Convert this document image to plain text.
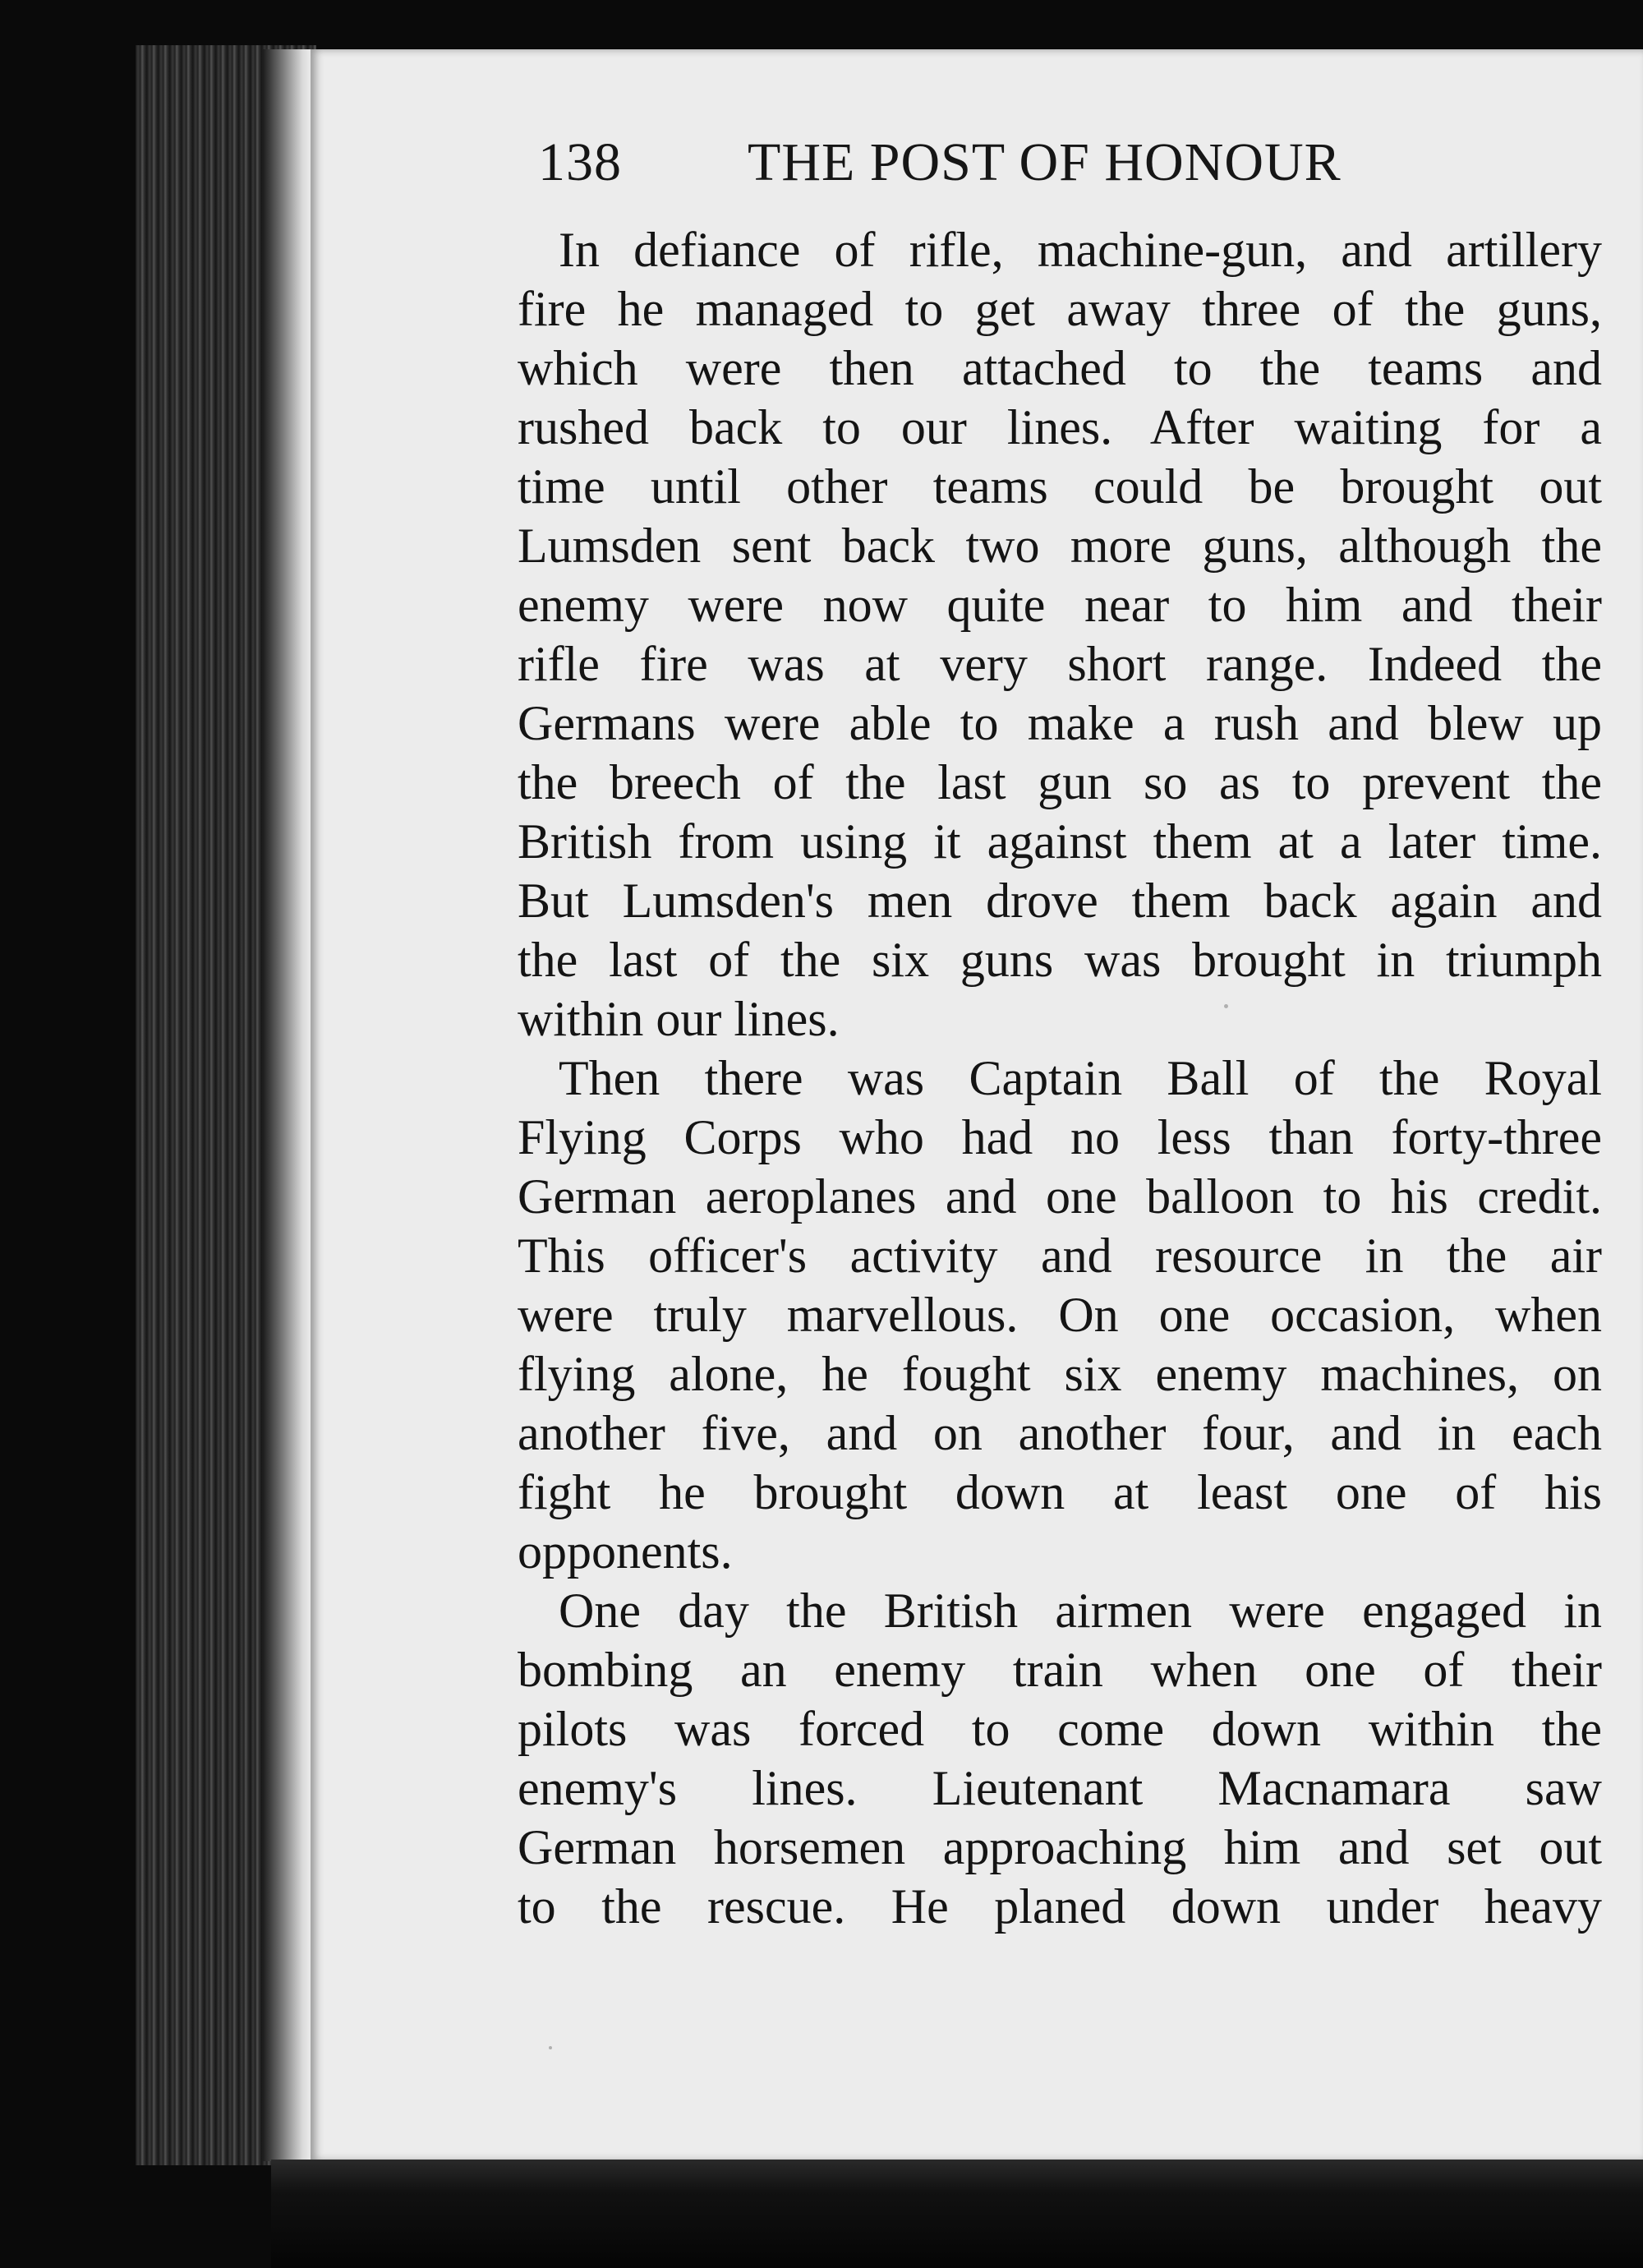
138 THE POST OF HONOUR
In defiance of rifle, machine-gun, and artillery
fire he managed to get away three of the guns,
which were then attached to the teams and
rushed back to our lines. After waiting for a
time until other teams could be brought out
Lumsden sent back two more guns, although the
enemy were now quite near to him and their
rifle fire was at very short range. Indeed the
Germans were able to make a rush and blew up
the breech of the last gun so as to prevent the
British from using it against them at a later time.
But Lumsden's men drove them back again and
the last of the six guns was brought in triumph
within our lines.
Then there was Captain Ball of the Royal
Flying Corps who had no less than forty-three
German aeroplanes and one balloon to his credit.
This officer's activity and resource in the air
were truly marvellous. On one occasion, when
flying alone, he fought six enemy machines, on
another five, and on another four, and in each
fight he brought down at least one of his
opponents.
One day the British airmen were engaged in
bombing an enemy train when one of their
pilots was forced to come down within the
enemy's lines. Lieutenant Macnamara saw
German horsemen approaching him and set out
to the rescue. He planed down under heavy
